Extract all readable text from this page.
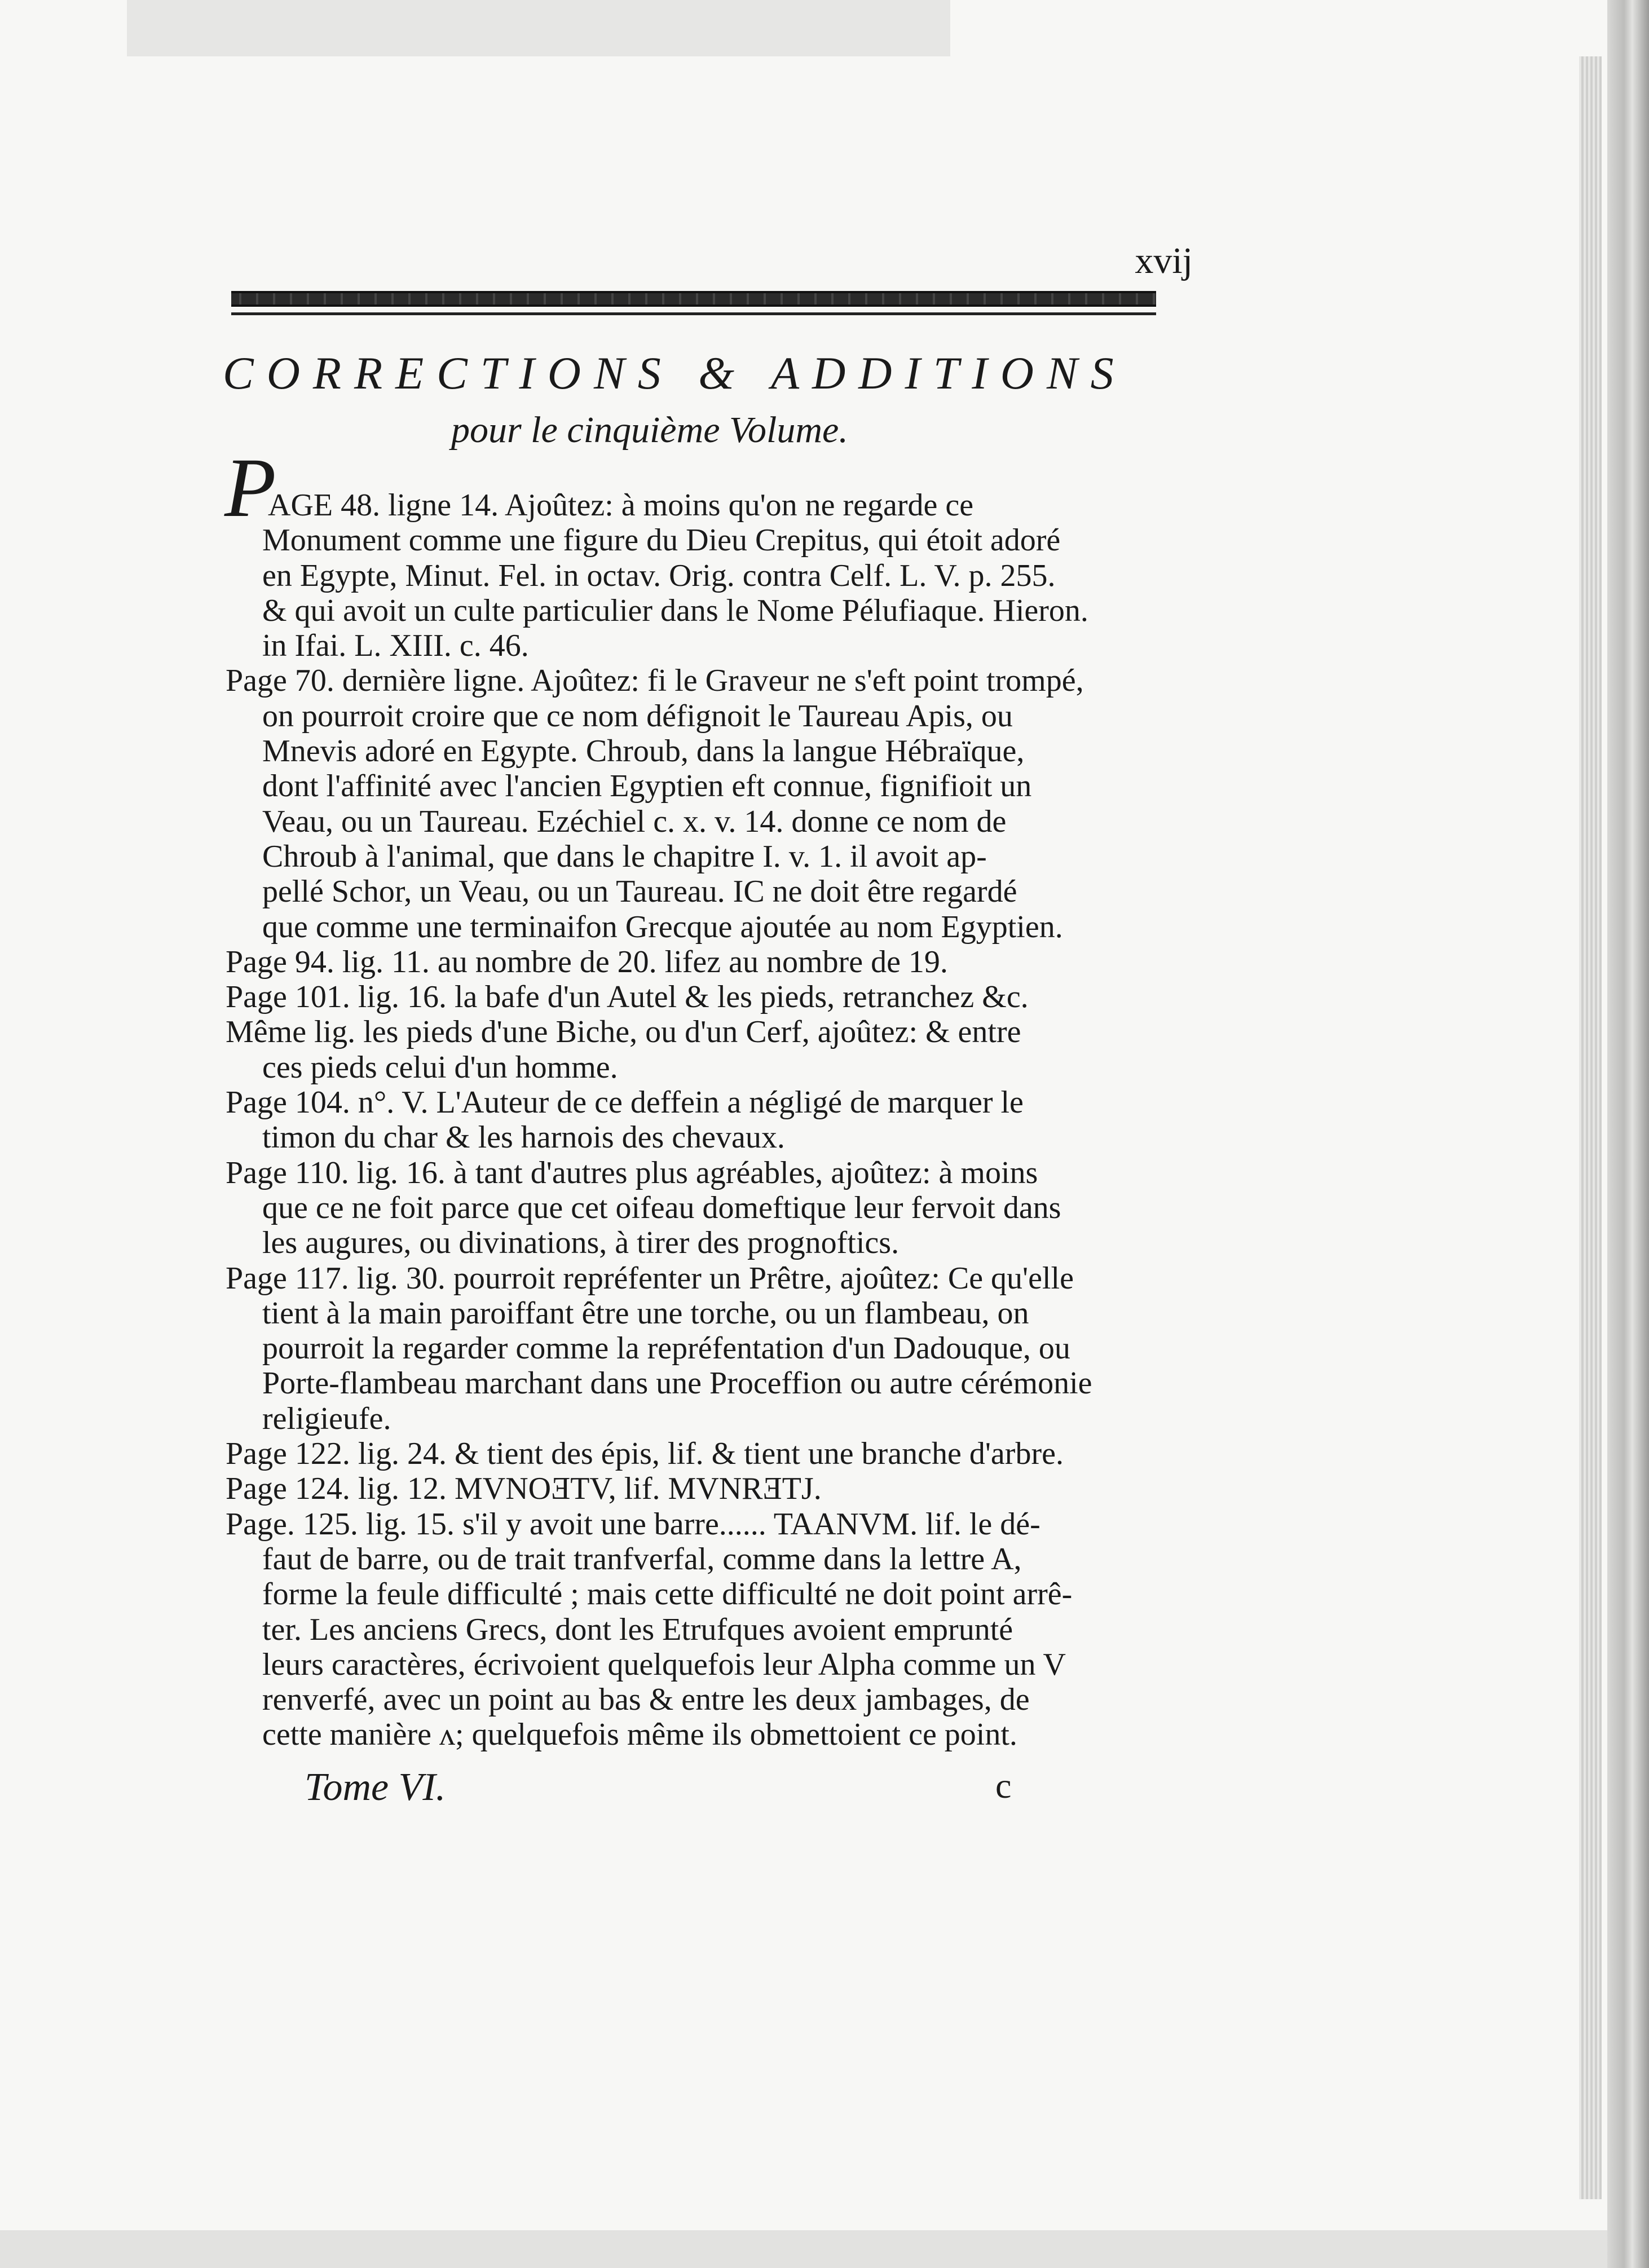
xvij
CORRECTIONS & ADDITIONS
pour le cinquième Volume.
P
AGE 48. ligne 14. Ajoûtez: à moins qu'on ne regarde ce
Monument comme une figure du Dieu Crepitus, qui étoit adoré
en Egypte, Minut. Fel. in octav. Orig. contra Celf. L. V. p. 255.
& qui avoit un culte particulier dans le Nome Pélufiaque. Hieron.
in Ifai. L. XIII. c. 46.
Page 70. dernière ligne. Ajoûtez: fi le Graveur ne s'eft point trompé,
on pourroit croire que ce nom défignoit le Taureau Apis, ou
Mnevis adoré en Egypte. Chroub, dans la langue Hébraïque,
dont l'affinité avec l'ancien Egyptien eft connue, fignifioit un
Veau, ou un Taureau. Ezéchiel c. x. v. 14. donne ce nom de
Chroub à l'animal, que dans le chapitre I. v. 1. il avoit ap-
pellé Schor, un Veau, ou un Taureau. IC ne doit être regardé
que comme une terminaifon Grecque ajoutée au nom Egyptien.
Page 94. lig. 11. au nombre de 20. lifez au nombre de 19.
Page 101. lig. 16. la bafe d'un Autel & les pieds, retranchez &c.
Même lig. les pieds d'une Biche, ou d'un Cerf, ajoûtez: & entre
ces pieds celui d'un homme.
Page 104. n°. V. L'Auteur de ce deffein a négligé de marquer le
timon du char & les harnois des chevaux.
Page 110. lig. 16. à tant d'autres plus agréables, ajoûtez: à moins
que ce ne foit parce que cet oifeau domeftique leur fervoit dans
les augures, ou divinations, à tirer des prognoftics.
Page 117. lig. 30. pourroit repréfenter un Prêtre, ajoûtez: Ce qu'elle
tient à la main paroiffant être une torche, ou un flambeau, on
pourroit la regarder comme la repréfentation d'un Dadouque, ou
Porte-flambeau marchant dans une Proceffion ou autre cérémonie
religieufe.
Page 122. lig. 24. & tient des épis, lif. & tient une branche d'arbre.
Page 124. lig. 12. MVNOƎTV, lif. MVNRƎTJ.
Page. 125. lig. 15. s'il y avoit une barre...... TAANVM. lif. le dé-
faut de barre, ou de trait tranfverfal, comme dans la lettre A,
forme la feule difficulté ; mais cette difficulté ne doit point arrê-
ter. Les anciens Grecs, dont les Etrufques avoient emprunté
leurs caractères, écrivoient quelquefois leur Alpha comme un V
renverfé, avec un point au bas & entre les deux jambages, de
cette manière ᴧ; quelquefois même ils obmettoient ce point.
Tome VI.	c
